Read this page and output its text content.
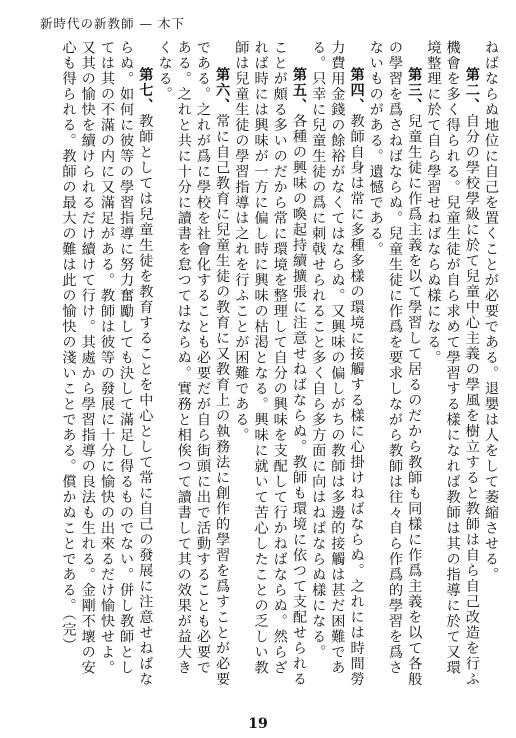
新時代の新教師 — 木下

ねばならぬ地位に自己を置くことが必要である。退嬰は人をして萎縮させる。

第二、自分の學校學級に於て兒童中心主義の學風を樹立すると教師は自ら自己改造を行ふ機會を多く得られる。兒童生徒が自ら求めて學習する樣になれば教師は其の指導に於て又環境整理に於て自ら學習せねばならぬ樣になる。

第三、兒童生徒に作爲主義を以て學習して居るのだから教師も同樣に作爲主義を以て各般の學習を爲さねばならぬ。兒童生徒に作爲を要求しながら教師は往々自ら作爲的學習を爲さないものがある。遺憾である。

第四、教師自身は常に多種多樣の環境に接觸する樣に心掛けねばならぬ。之れには時間勞力費用金錢の餘裕がなくてはならぬ。又興味の偏しがちの教師は多邊的接觸は甚だ困難である。只幸に兒童生徒の爲に刺戟せられること多く自ら多方面に向はねばならぬ樣になる。

第五、各種の興味の喚起持續擴張に注意せねばならぬ。教師も環境に依つて支配せられることが頗る多いのだから常に環境を整理して自分の興味を支配して行かねばならぬ。然らざれば時には興味が一方に偏し時に興味の枯渇となる。興味に就いて苦心したことの乏しい教師は兒童生徒の學習指導は之れを行ふことが困難である。

第六、常に自己教育に兒童生徒の教育に又教育上の執務法に創作的學習を爲すことが必要である。之れが爲に學校を社會化することも必要だが自ら街頭に出で活動することも必要である。之れと共に十分に讀書を怠つてはならぬ。實務と相俟つて讀書して其の效果が益大きくなる。

第七、教師としては兒童生徒を教育することを中心として常に自己の發展に注意せねばならぬ。如何に彼等の學習指導に努力奮勵しても決して滿足し得るものでない。併し教師としては其の不滿の内に又滿足がある。教師は彼等の發展に十分に愉快の出來るだけ愉快せよ。又其の愉快を續けられるだけ續けて行け。其處から學習指導の良法も生れる。金剛不壞の安心も得られる。教師の最大の難は此の愉快の淺いことである。償かぬことである。（完）

19
